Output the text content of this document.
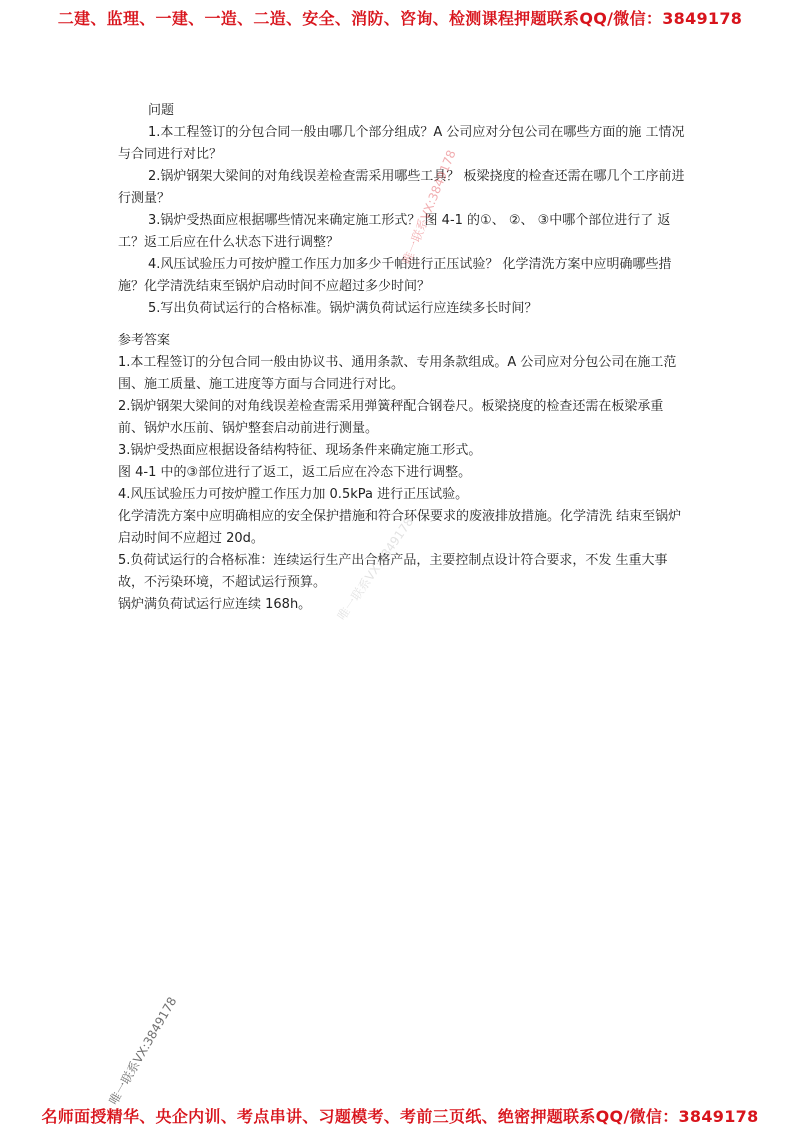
二建、监理、一建、一造、二造、安全、消防、咨询、检测课程押题联系QQ/微信：3849178
问题

1.本工程签订的分包合同一般由哪几个部分组成？A 公司应对分包公司在哪些方面的施 工情况与合同进行对比？

2.锅炉钢架大梁间的对角线误差检查需采用哪些工具？ 板梁挠度的检查还需在哪几个工序前进行测量？

3.锅炉受热面应根据哪些情况来确定施工形式？ 图 4-1 的①、 ②、 ③中哪个部位进行了 返工？返工后应在什么状态下进行调整？

4.风压试验压力可按炉膛工作压力加多少千帕进行正压试验？ 化学清洗方案中应明确哪些措施？化学清洗结束至锅炉启动时间不应超过多少时间？

5.写出负荷试运行的合格标准。锅炉满负荷试运行应连续多长时间？

参考答案

1.本工程签订的分包合同一般由协议书、通用条款、专用条款组成。A 公司应对分包公司在施工范围、施工质量、施工进度等方面与合同进行对比。

2.锅炉钢架大梁间的对角线误差检查需采用弹簧秤配合钢卷尺。板梁挠度的检查还需在板梁承重前、锅炉水压前、锅炉整套启动前进行测量。

3.锅炉受热面应根据设备结构特征、现场条件来确定施工形式。

图 4-1 中的③部位进行了返工，返工后应在冷态下进行调整。

4.风压试验压力可按炉膛工作压力加 0.5kPa 进行正压试验。

化学清洗方案中应明确相应的安全保护措施和符合环保要求的废液排放措施。化学清洗 结束至锅炉启动时间不应超过 20d。

5.负荷试运行的合格标准：连续运行生产出合格产品，主要控制点设计符合要求，不发 生重大事故，不污染环境，不超试运行预算。

锅炉满负荷试运行应连续 168h。

唯一联系VX:3849178
唯一联系VX:3849178
唯一联系VX:3849178
名师面授精华、央企内训、考点串讲、习题模考、考前三页纸、绝密押题联系QQ/微信：3849178
